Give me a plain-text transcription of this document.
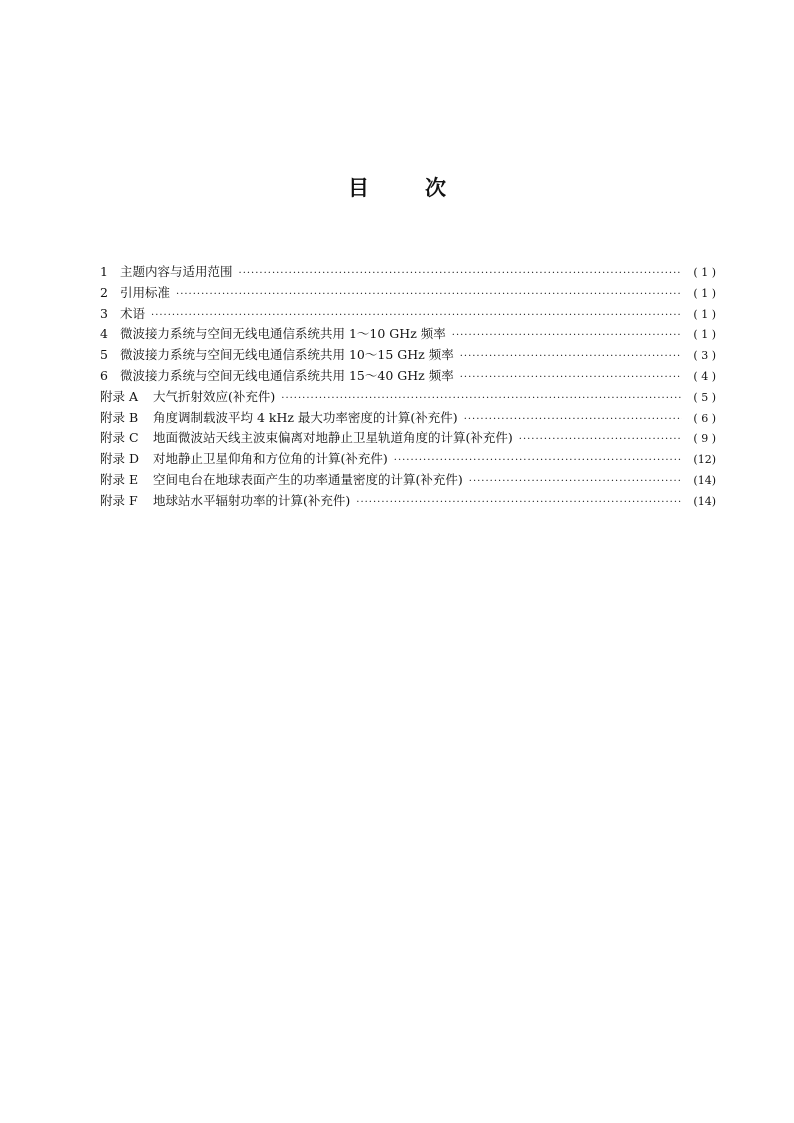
目	次
1 主题内容与适用范围 ·····	( 1 )
2 引用标准 ·····	( 1 )
3 术语 ·····	( 1 )
4 微波接力系统与空间无线电通信系统共用 1～10 GHz 频率 ·····	( 1 )
5 微波接力系统与空间无线电通信系统共用 10～15 GHz 频率 ·····	( 3 )
6 微波接力系统与空间无线电通信系统共用 15～40 GHz 频率 ·····	( 4 )
附录 A	大气折射效应(补充件) ·····	( 5 )
附录 B	角度调制载波平均 4 kHz 最大功率密度的计算(补充件) ·····	( 6 )
附录 C	地面微波站天线主波束偏离对地静止卫星轨道角度的计算(补充件) ·····	( 9 )
附录 D	对地静止卫星仰角和方位角的计算(补充件) ·····	(12)
附录 E	空间电台在地球表面产生的功率通量密度的计算(补充件) ·····	(14)
附录 F	地球站水平辐射功率的计算(补充件) ·····	(14)
